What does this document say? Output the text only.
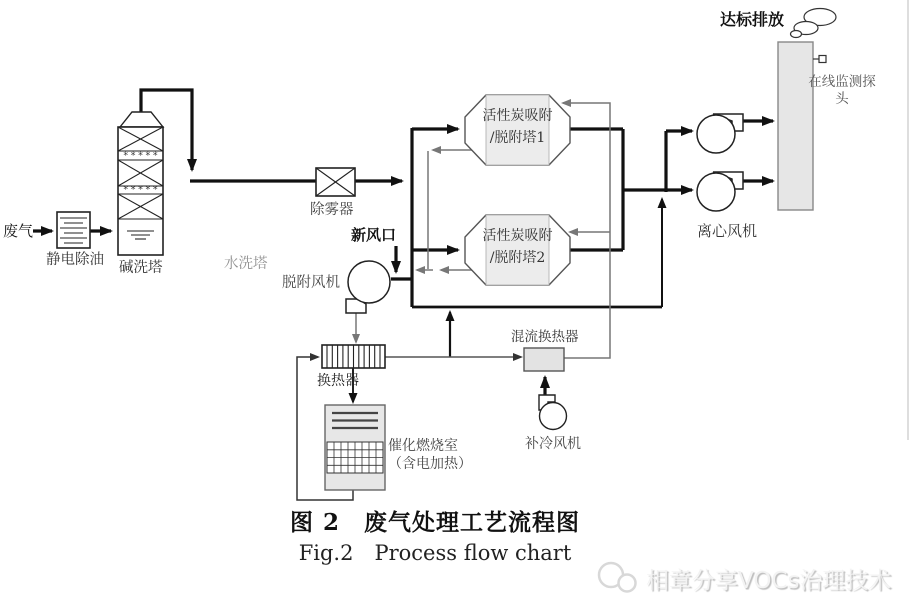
* * * * *
* * * * *
废气
静电除油 碱洗塔	水洗塔
除雾器
新风口
脱附风机
活性炭吸附
/脱附塔1
活性炭吸附
/脱附塔2
混流换热器
换热器
催化燃烧室
（含电加热）
补冷风机
离心风机
达标排放
在线监测探头
图 2　废气处理工艺流程图
Fig.2　Process flow chart
相章分享VOCs治理技术
